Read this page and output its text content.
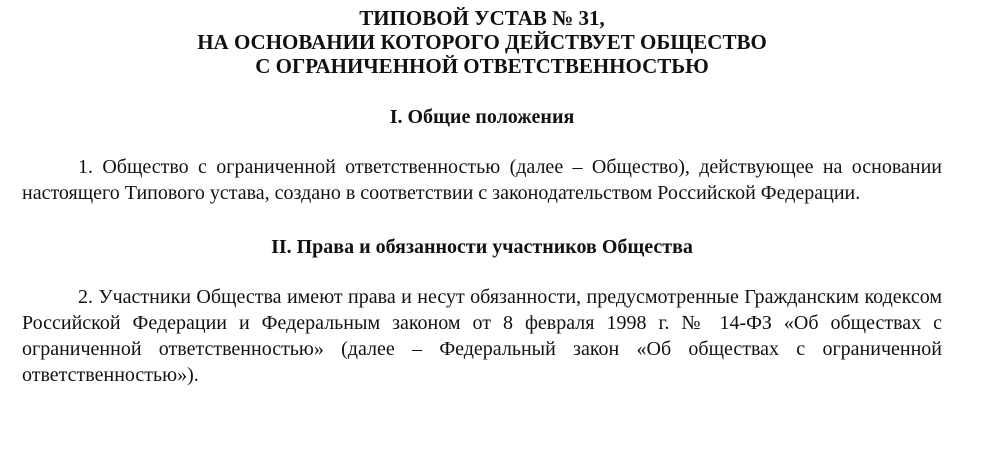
ТИПОВОЙ УСТАВ № 31,
НА ОСНОВАНИИ КОТОРОГО ДЕЙСТВУЕТ ОБЩЕСТВО
С ОГРАНИЧЕННОЙ ОТВЕТСТВЕННОСТЬЮ
I. Общие положения

1. Общество с ограниченной ответственностью (далее – Общество), действующее на основании настоящего Типового устава, создано в соответствии с законодательством Российской Федерации.

II. Права и обязанности участников Общества

2. Участники Общества имеют права и несут обязанности, предусмотренные Гражданским кодексом Российской Федерации и Федеральным законом от 8 февраля 1998 г. № 14-ФЗ «Об обществах с ограниченной ответственностью» (далее – Федеральный закон «Об обществах с ограниченной ответственностью»).
